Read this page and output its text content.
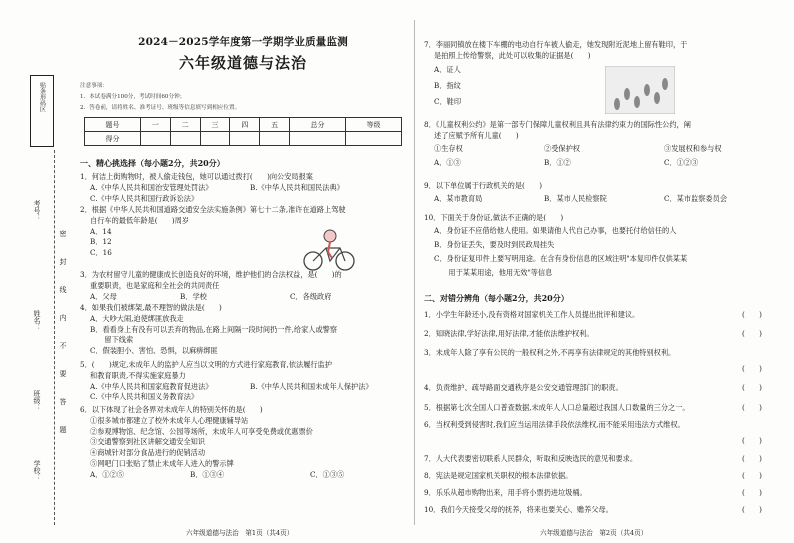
贴条形码区
考号：
姓名：
班级：
学校：
密
封
线
内
不
要
答
题
2024－2025学年度第一学期学业质量监测
六年级道德与法治
注意事项：
1．本试卷满分100分，考试时间60分钟；
2．答卷前，请将姓名、准考证号、班级等信息填写到相应位置。
题号	一	二	三	四	五	总分	等级
得分							
一、精心挑选择（每小题2分，共20分）
1．何洁上街购物时，被人偷走钱包，她可以通过拨打(　　)向公安局报案
A.《中华人民共和国治安管理处罚法》	B.《中华人民共和国民法典》
C.《中华人民共和国行政诉讼法》
2．根据《中华人民共和国道路交通安全法实施条例》第七十二条,准许在道路上驾驶
自行车的最低年龄是(　　)周岁
A．14
B．12
C．16
3．为农村留守儿童的健康成长创造良好的环境，维护他们的合法权益，是(　　)的
重要职责，也是家庭和全社会的共同责任
A．父母	B．学校	C．各级政府
4．如果我们被绑架,最不理智的做法是(　　)
A．大吵大闹,迫使绑匪放我走
B．看看身上有没有可以丢弃的物品,在路上间隔一段时间扔一件,给家人或警察
　　留下线索
C．假装胆小、害怕、恐惧，以麻痹绑匪
5．(　　)规定,未成年人的监护人应当以文明的方式进行家庭教育,依法履行监护
和教育职责,不得实施家庭暴力
A.《中华人民共和国家庭教育促进法》	B.《中华人民共和国未成年人保护法》
C.《中华人民共和国义务教育法》
6．以下体现了社会各界对未成年人的特别关怀的是(　　)
①很多城市都建立了校外未成年人心理健康辅导站
②参观博物馆、纪念馆、公园等场所，未成年人可享受免费或优惠票价
③交通警察到社区讲解交通安全知识
④商城针对部分食品进行的促销活动
⑤网吧门口张贴了禁止未成年人进入的警示牌
A．①②⑤	B．①③④	C．①③⑤
六年级道德与法治　第1页（共4页）
7．李丽同镇放在楼下车棚的电动自行车被人偷走，她发现附近泥地上留有鞋印，于
是拍照上传给警察，此处可以收集的证据是(　　)
A．证人
B．指纹
C．鞋印
8．《儿童权利公约》是第一部专门保障儿童权利且具有法律约束力的国际性公约，阐
述了应赋予所有儿童(　　)
①生存权	②受保护权	③发展权和参与权
A．①③	B．①②	C．①②③
9．以下单位属于行政机关的是(　　)
A．某市教育局	B．某市人民检察院	C．某市监察委员会
10．下面关于身份证,做法不正确的是(　　)
A．身份证不应借给他人使用。如果请他人代自己办事，也要托付给信任的人
B．身份证丢失，要及时到民政局挂失
C．身份证复印件上要写明用途。在含有身份信息的区域注明"本复印件仅供某某
　　用于某某用途，他用无效"等信息
二、对错分辨角（每小题2分，共20分）
1．小学生年龄还小,没有资格对国家机关工作人员提出批评和建议。	(　　)
2．知晓法律,学好法律,用好法律,才能依法维护权利。	(　　)
3．未成年人除了享有公民的一般权利之外,不再享有法律规定的其他特别权利。
(　　)
4．负责维护、疏导路面交通秩序是公安交通管理部门的职责。	(　　)
5．根据第七次全国人口普查数据,未成年人人口总量超过我国人口数量的三分之一。	(　　)
6．当权利受到侵害时,我们应当运用法律手段依法维权,而不能采用违法方式维权。
(　　)
7．人大代表要密切联系人民群众，听取和反映选民的意见和要求。	(　　)
8．宪法是规定国家机关职权的根本法律依据。	(　　)
9．乐乐从超市购物出来，用手将小票扔进垃圾桶。	(　　)
10．我们今天接受父母的抚养，将来也要关心、赡养父母。	(　　)
六年级道德与法治　第2页（共4页）
